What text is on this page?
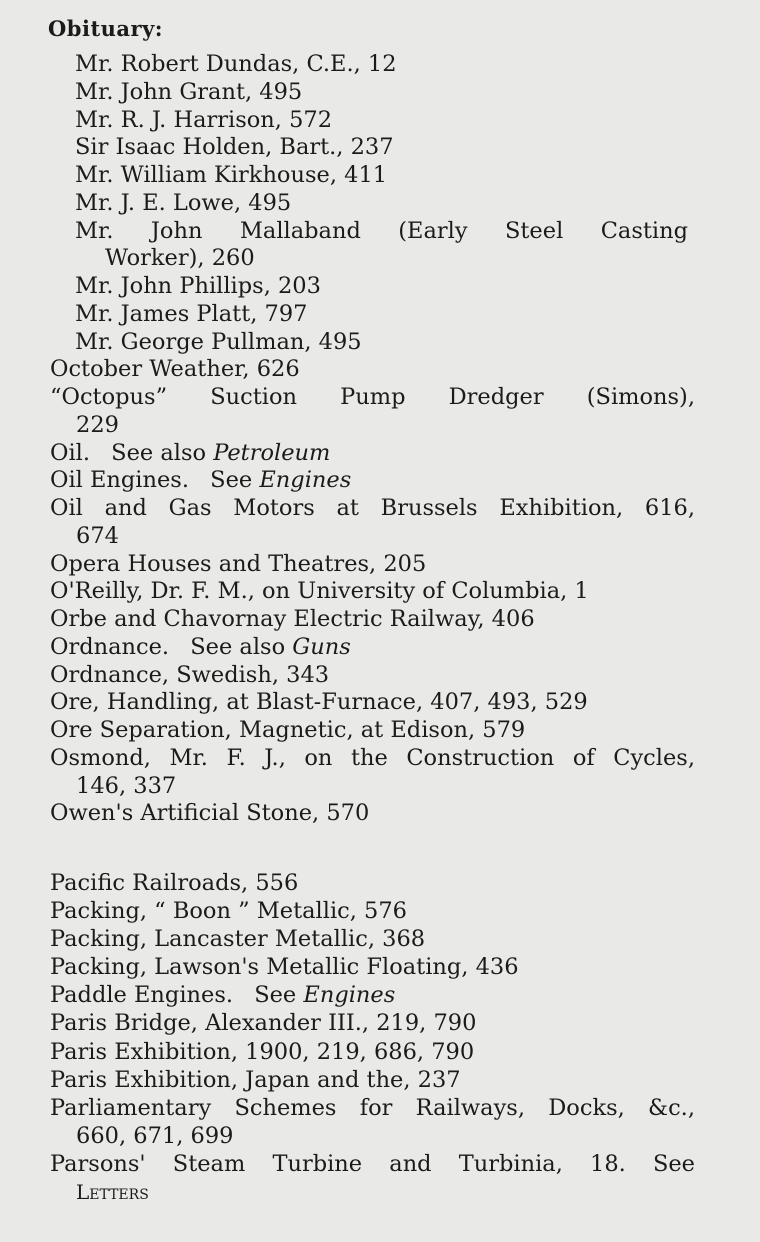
Obituary:
Mr. Robert Dundas, C.E., 12
Mr. John Grant, 495
Mr. R. J. Harrison, 572
Sir Isaac Holden, Bart., 237
Mr. William Kirkhouse, 411
Mr. J. E. Lowe, 495
Mr. John Mallaband (Early Steel Casting
Worker), 260
Mr. John Phillips, 203
Mr. James Platt, 797
Mr. George Pullman, 495
October Weather, 626
“Octopus” Suction Pump Dredger (Simons),
229
Oil. See also Petroleum
Oil Engines. See Engines
Oil and Gas Motors at Brussels Exhibition, 616,
674
Opera Houses and Theatres, 205
O'Reilly, Dr. F. M., on University of Columbia, 1
Orbe and Chavornay Electric Railway, 406
Ordnance. See also Guns
Ordnance, Swedish, 343
Ore, Handling, at Blast-Furnace, 407, 493, 529
Ore Separation, Magnetic, at Edison, 579
Osmond, Mr. F. J., on the Construction of Cycles,
146, 337
Owen's Artificial Stone, 570
Pacific Railroads, 556
Packing, “ Boon ” Metallic, 576
Packing, Lancaster Metallic, 368
Packing, Lawson's Metallic Floating, 436
Paddle Engines. See Engines
Paris Bridge, Alexander III., 219, 790
Paris Exhibition, 1900, 219, 686, 790
Paris Exhibition, Japan and the, 237
Parliamentary Schemes for Railways, Docks, &c.,
660, 671, 699
Parsons' Steam Turbine and Turbinia, 18. See
Letters
